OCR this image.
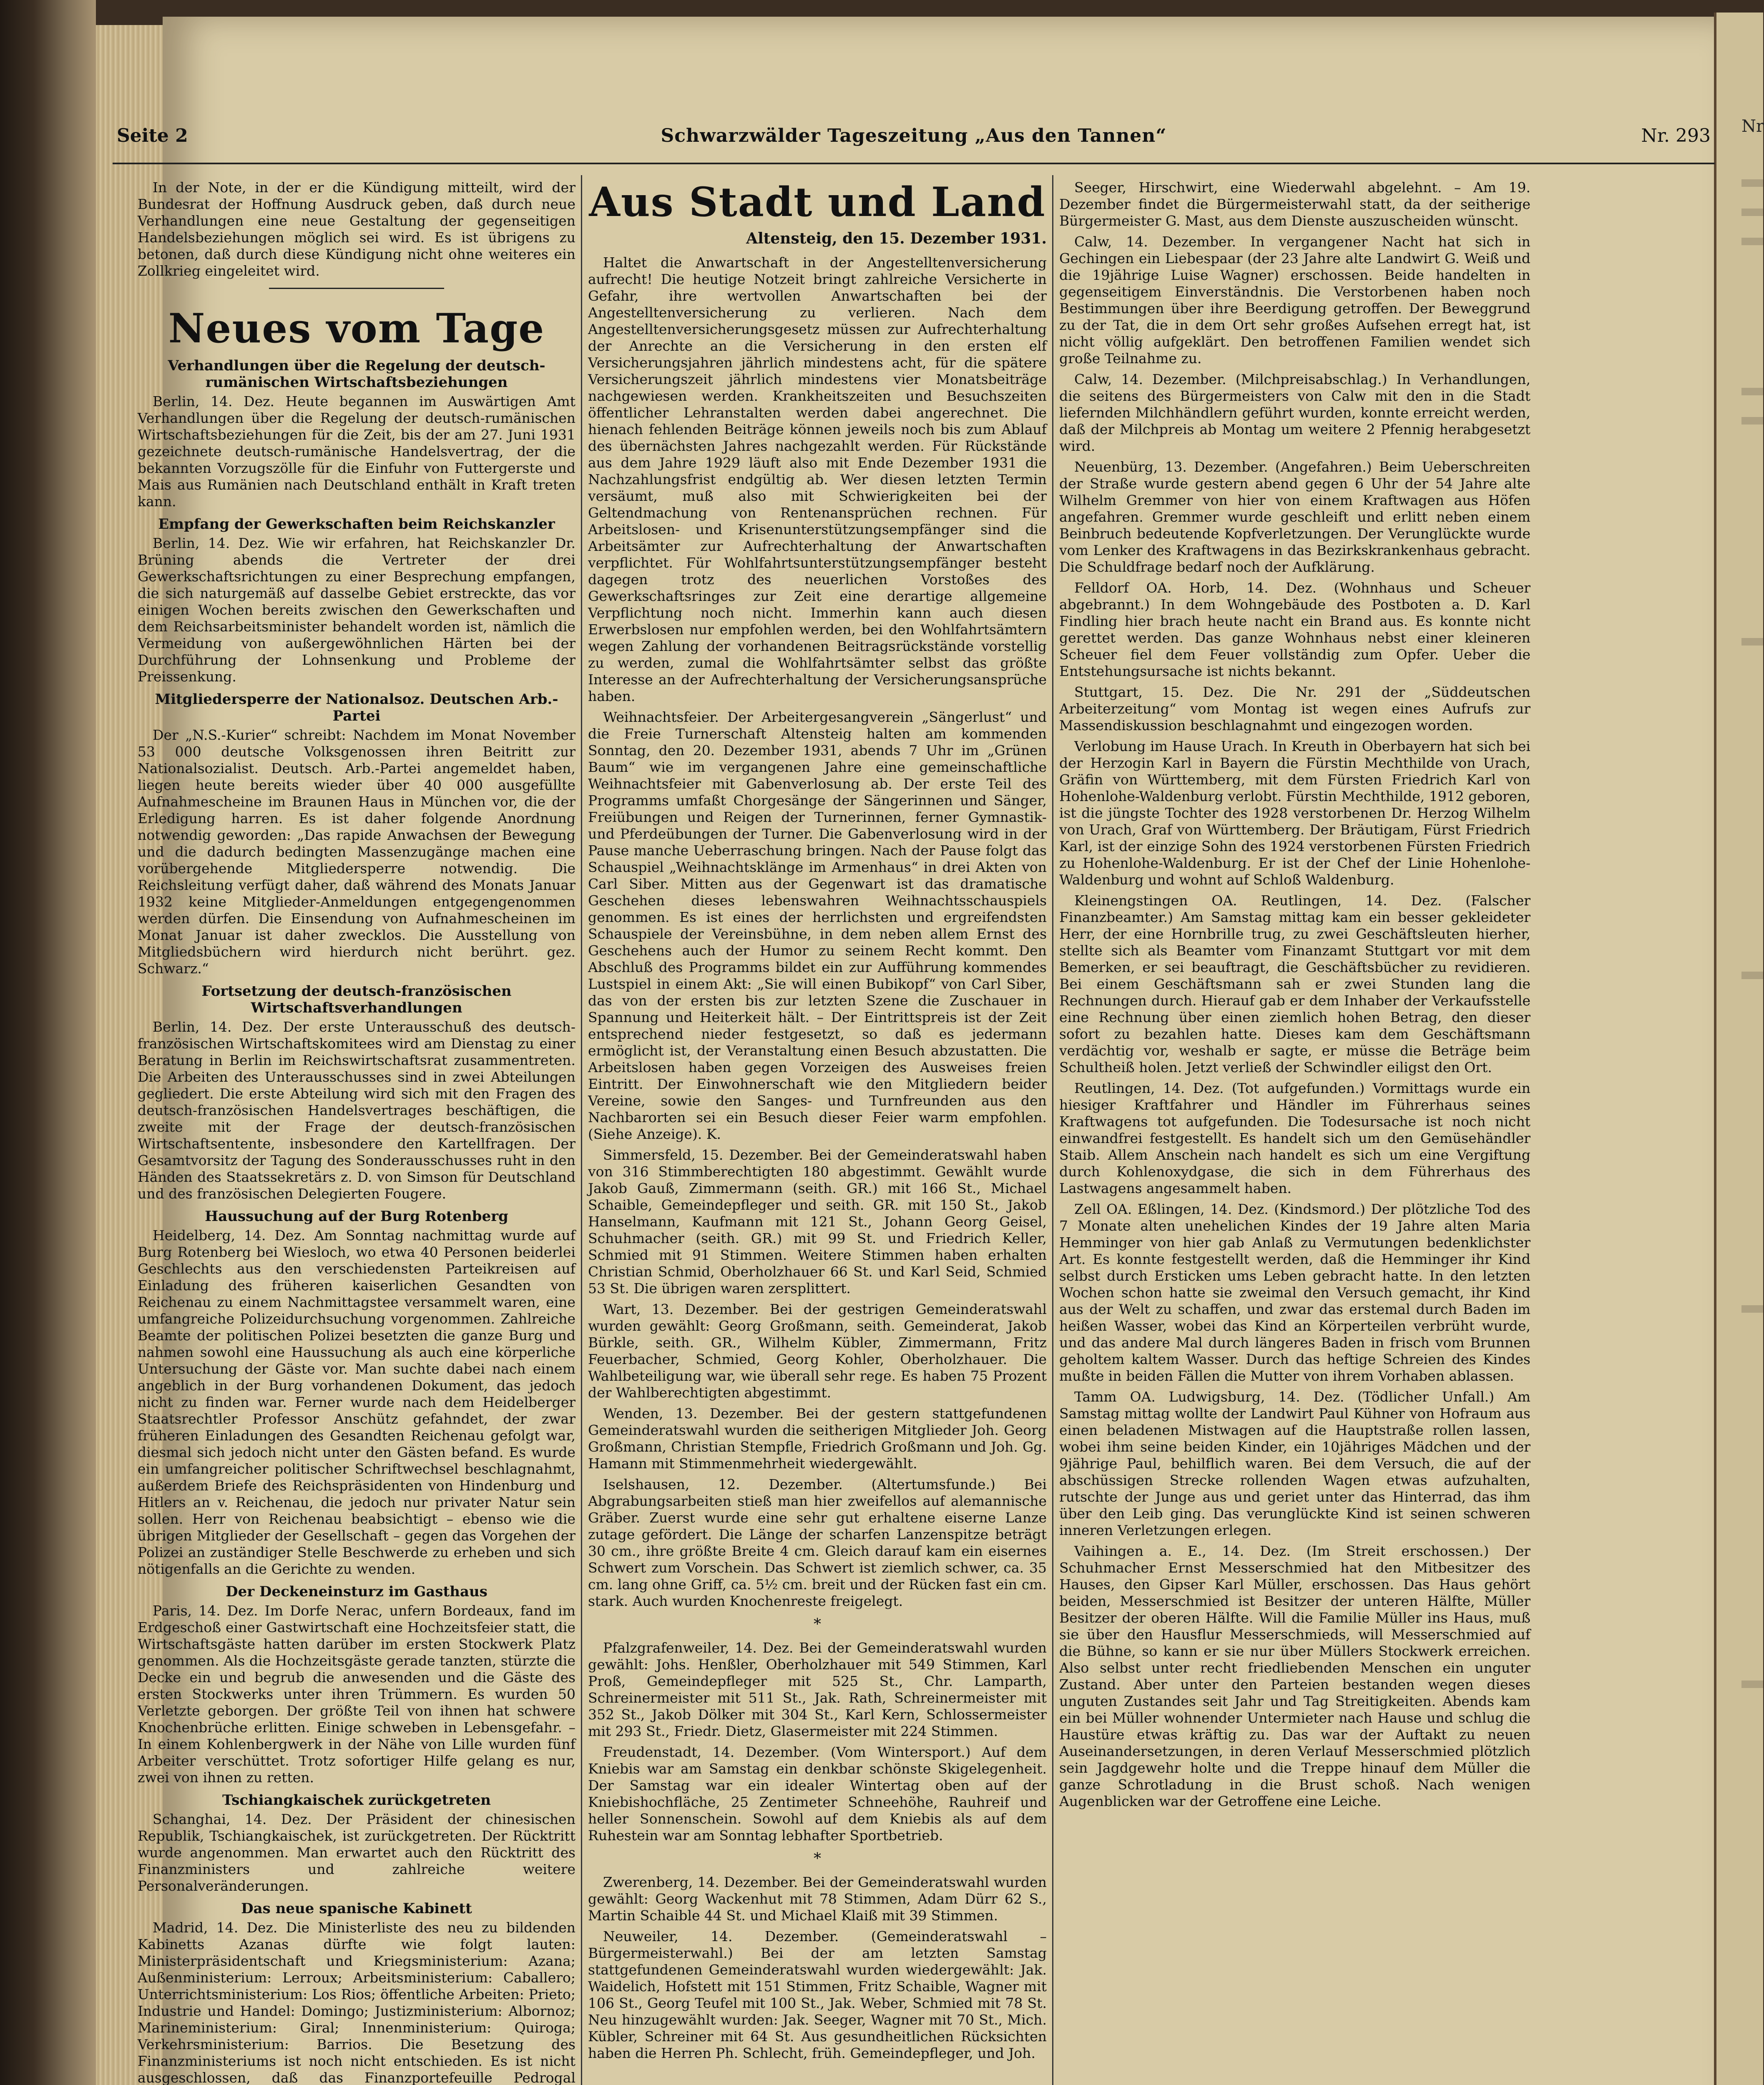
Nr
Seite 2	Schwarzwälder Tageszeitung „Aus den Tannen“	Nr. 293

In der Note, in der er die Kündigung mitteilt, wird der Bundesrat der Hoffnung Ausdruck geben, daß durch neue Verhandlungen eine neue Gestaltung der gegenseitigen Handelsbeziehungen möglich sei wird. Es ist übrigens zu betonen, daß durch diese Kündigung nicht ohne weiteres ein Zollkrieg eingeleitet wird.

Neues vom Tage
Verhandlungen über die Regelung der deutsch-rumänischen Wirtschaftsbeziehungen

Berlin, 14. Dez. Heute begannen im Auswärtigen Amt Verhandlungen über die Regelung der deutsch-rumänischen Wirtschaftsbeziehungen für die Zeit, bis der am 27. Juni 1931 gezeichnete deutsch-rumänische Handelsvertrag, der die bekannten Vorzugszölle für die Einfuhr von Futtergerste und Mais aus Rumänien nach Deutschland enthält in Kraft treten kann.

Empfang der Gewerkschaften beim Reichskanzler

Berlin, 14. Dez. Wie wir erfahren, hat Reichskanzler Dr. Brüning abends die Vertreter der drei Gewerkschaftsrichtungen zu einer Besprechung empfangen, die sich naturgemäß auf dasselbe Gebiet erstreckte, das vor einigen Wochen bereits zwischen den Gewerkschaften und dem Reichsarbeitsminister behandelt worden ist, nämlich die Vermeidung von außergewöhnlichen Härten bei der Durchführung der Lohnsenkung und Probleme der Preissenkung.

Mitgliedersperre der Nationalsoz. Deutschen Arb.-Partei

Der „N.S.-Kurier“ schreibt: Nachdem im Monat November 53 000 deutsche Volksgenossen ihren Beitritt zur Nationalsozialist. Deutsch. Arb.-Partei angemeldet haben, liegen heute bereits wieder über 40 000 ausgefüllte Aufnahmescheine im Braunen Haus in München vor, die der Erledigung harren. Es ist daher folgende Anordnung notwendig geworden: „Das rapide Anwachsen der Bewegung und die dadurch bedingten Massenzugänge machen eine vorübergehende Mitgliedersperre notwendig. Die Reichsleitung verfügt daher, daß während des Monats Januar 1932 keine Mitglieder-Anmeldungen entgegengenommen werden dürfen. Die Einsendung von Aufnahmescheinen im Monat Januar ist daher zwecklos. Die Ausstellung von Mitgliedsbüchern wird hierdurch nicht berührt. gez. Schwarz.“

Fortsetzung der deutsch-französischen Wirtschaftsverhandlungen

Berlin, 14. Dez. Der erste Unterausschuß des deutsch-französischen Wirtschaftskomitees wird am Dienstag zu einer Beratung in Berlin im Reichswirtschaftsrat zusammentreten. Die Arbeiten des Unterausschusses sind in zwei Abteilungen gegliedert. Die erste Abteilung wird sich mit den Fragen des deutsch-französischen Handelsvertrages beschäftigen, die zweite mit der Frage der deutsch-französischen Wirtschaftsentente, insbesondere den Kartellfragen. Der Gesamtvorsitz der Tagung des Sonderausschusses ruht in den Händen des Staatssekretärs z. D. von Simson für Deutschland und des französischen Delegierten Fougere.

Haussuchung auf der Burg Rotenberg

Heidelberg, 14. Dez. Am Sonntag nachmittag wurde auf Burg Rotenberg bei Wiesloch, wo etwa 40 Personen beiderlei Geschlechts aus den verschiedensten Parteikreisen auf Einladung des früheren kaiserlichen Gesandten von Reichenau zu einem Nachmittagstee versammelt waren, eine umfangreiche Polizeidurchsuchung vorgenommen. Zahlreiche Beamte der politischen Polizei besetzten die ganze Burg und nahmen sowohl eine Haussuchung als auch eine körperliche Untersuchung der Gäste vor. Man suchte dabei nach einem angeblich in der Burg vorhandenen Dokument, das jedoch nicht zu finden war. Ferner wurde nach dem Heidelberger Staatsrechtler Professor Anschütz gefahndet, der zwar früheren Einladungen des Gesandten Reichenau gefolgt war, diesmal sich jedoch nicht unter den Gästen befand. Es wurde ein umfangreicher politischer Schriftwechsel beschlagnahmt, außerdem Briefe des Reichspräsidenten von Hindenburg und Hitlers an v. Reichenau, die jedoch nur privater Natur sein sollen. Herr von Reichenau beabsichtigt – ebenso wie die übrigen Mitglieder der Gesellschaft – gegen das Vorgehen der Polizei an zuständiger Stelle Beschwerde zu erheben und sich nötigenfalls an die Gerichte zu wenden.

Der Deckeneinsturz im Gasthaus

Paris, 14. Dez. Im Dorfe Nerac, unfern Bordeaux, fand im Erdgeschoß einer Gastwirtschaft eine Hochzeitsfeier statt, die Wirtschaftsgäste hatten darüber im ersten Stockwerk Platz genommen. Als die Hochzeitsgäste gerade tanzten, stürzte die Decke ein und begrub die anwesenden und die Gäste des ersten Stockwerks unter ihren Trümmern. Es wurden 50 Verletzte geborgen. Der größte Teil von ihnen hat schwere Knochenbrüche erlitten. Einige schweben in Lebensgefahr. – In einem Kohlenbergwerk in der Nähe von Lille wurden fünf Arbeiter verschüttet. Trotz sofortiger Hilfe gelang es nur, zwei von ihnen zu retten.

Tschiangkaischek zurückgetreten

Schanghai, 14. Dez. Der Präsident der chinesischen Republik, Tschiangkaischek, ist zurückgetreten. Der Rücktritt wurde angenommen. Man erwartet auch den Rücktritt des Finanzministers und zahlreiche weitere Personalveränderungen.

Das neue spanische Kabinett

Madrid, 14. Dez. Die Ministerliste des neu zu bildenden Kabinetts Azanas dürfte wie folgt lauten: Ministerpräsidentschaft und Kriegsministerium: Azana; Außenministerium: Lerroux; Arbeitsministerium: Caballero; Unterrichtsministerium: Los Rios; öffentliche Arbeiten: Prieto; Industrie und Handel: Domingo; Justizministerium: Albornoz; Marineministerium: Giral; Innenministerium: Quiroga; Verkehrsministerium: Barrios. Die Besetzung des Finanzministeriums ist noch nicht entschieden. Es ist nicht ausgeschlossen, daß das Finanzportefeuille Pedrogal

Aus Stadt und Land
Altensteig, den 15. Dezember 1931.

Haltet die Anwartschaft in der Angestelltenversicherung aufrecht! Die heutige Notzeit bringt zahlreiche Versicherte in Gefahr, ihre wertvollen Anwartschaften bei der Angestelltenversicherung zu verlieren. Nach dem Angestelltenversicherungsgesetz müssen zur Aufrechterhaltung der Anrechte an die Versicherung in den ersten elf Versicherungsjahren jährlich mindestens acht, für die spätere Versicherungszeit jährlich mindestens vier Monatsbeiträge nachgewiesen werden. Krankheitszeiten und Besuchszeiten öffentlicher Lehranstalten werden dabei angerechnet. Die hienach fehlenden Beiträge können jeweils noch bis zum Ablauf des übernächsten Jahres nachgezahlt werden. Für Rückstände aus dem Jahre 1929 läuft also mit Ende Dezember 1931 die Nachzahlungsfrist endgültig ab. Wer diesen letzten Termin versäumt, muß also mit Schwierigkeiten bei der Geltendmachung von Rentenansprüchen rechnen. Für Arbeitslosen- und Krisenunterstützungsempfänger sind die Arbeitsämter zur Aufrechterhaltung der Anwartschaften verpflichtet. Für Wohlfahrtsunterstützungsempfänger besteht dagegen trotz des neuerlichen Vorstoßes des Gewerkschaftsringes zur Zeit eine derartige allgemeine Verpflichtung noch nicht. Immerhin kann auch diesen Erwerbslosen nur empfohlen werden, bei den Wohlfahrtsämtern wegen Zahlung der vorhandenen Beitragsrückstände vorstellig zu werden, zumal die Wohlfahrtsämter selbst das größte Interesse an der Aufrechterhaltung der Versicherungsansprüche haben.

Weihnachtsfeier. Der Arbeitergesangverein „Sängerlust“ und die Freie Turnerschaft Altensteig halten am kommenden Sonntag, den 20. Dezember 1931, abends 7 Uhr im „Grünen Baum“ wie im vergangenen Jahre eine gemeinschaftliche Weihnachtsfeier mit Gabenverlosung ab. Der erste Teil des Programms umfaßt Chorgesänge der Sängerinnen und Sänger, Freiübungen und Reigen der Turnerinnen, ferner Gymnastik- und Pferdeübungen der Turner. Die Gabenverlosung wird in der Pause manche Ueberraschung bringen. Nach der Pause folgt das Schauspiel „Weihnachtsklänge im Armenhaus“ in drei Akten von Carl Siber. Mitten aus der Gegenwart ist das dramatische Geschehen dieses lebenswahren Weihnachtsschauspiels genommen. Es ist eines der herrlichsten und ergreifendsten Schauspiele der Vereinsbühne, in dem neben allem Ernst des Geschehens auch der Humor zu seinem Recht kommt. Den Abschluß des Programms bildet ein zur Aufführung kommendes Lustspiel in einem Akt: „Sie will einen Bubikopf“ von Carl Siber, das von der ersten bis zur letzten Szene die Zuschauer in Spannung und Heiterkeit hält. – Der Eintrittspreis ist der Zeit entsprechend nieder festgesetzt, so daß es jedermann ermöglicht ist, der Veranstaltung einen Besuch abzustatten. Die Arbeitslosen haben gegen Vorzeigen des Ausweises freien Eintritt. Der Einwohnerschaft wie den Mitgliedern beider Vereine, sowie den Sanges- und Turnfreunden aus den Nachbarorten sei ein Besuch dieser Feier warm empfohlen. (Siehe Anzeige). K.

Simmersfeld, 15. Dezember. Bei der Gemeinderatswahl haben von 316 Stimmberechtigten 180 abgestimmt. Gewählt wurde Jakob Gauß, Zimmermann (seith. GR.) mit 166 St., Michael Schaible, Gemeindepfleger und seith. GR. mit 150 St., Jakob Hanselmann, Kaufmann mit 121 St., Johann Georg Geisel, Schuhmacher (seith. GR.) mit 99 St. und Friedrich Keller, Schmied mit 91 Stimmen. Weitere Stimmen haben erhalten Christian Schmid, Oberholzhauer 66 St. und Karl Seid, Schmied 53 St. Die übrigen waren zersplittert.

Wart, 13. Dezember. Bei der gestrigen Gemeinderatswahl wurden gewählt: Georg Großmann, seith. Gemeinderat, Jakob Bürkle, seith. GR., Wilhelm Kübler, Zimmermann, Fritz Feuerbacher, Schmied, Georg Kohler, Oberholzhauer. Die Wahlbeteiligung war, wie überall sehr rege. Es haben 75 Prozent der Wahlberechtigten abgestimmt.

Wenden, 13. Dezember. Bei der gestern stattgefundenen Gemeinderatswahl wurden die seitherigen Mitglieder Joh. Georg Großmann, Christian Stempfle, Friedrich Großmann und Joh. Gg. Hamann mit Stimmenmehrheit wiedergewählt.

Iselshausen, 12. Dezember. (Altertumsfunde.) Bei Abgrabungsarbeiten stieß man hier zweifellos auf alemannische Gräber. Zuerst wurde eine sehr gut erhaltene eiserne Lanze zutage gefördert. Die Länge der scharfen Lanzenspitze beträgt 30 cm., ihre größte Breite 4 cm. Gleich darauf kam ein eisernes Schwert zum Vorschein. Das Schwert ist ziemlich schwer, ca. 35 cm. lang ohne Griff, ca. 5½ cm. breit und der Rücken fast ein cm. stark. Auch wurden Knochenreste freigelegt.

*

Pfalzgrafenweiler, 14. Dez. Bei der Gemeinderatswahl wurden gewählt: Johs. Henßler, Oberholzhauer mit 549 Stimmen, Karl Proß, Gemeindepfleger mit 525 St., Chr. Lamparth, Schreinermeister mit 511 St., Jak. Rath, Schreinermeister mit 352 St., Jakob Dölker mit 304 St., Karl Kern, Schlossermeister mit 293 St., Friedr. Dietz, Glasermeister mit 224 Stimmen.

Freudenstadt, 14. Dezember. (Vom Wintersport.) Auf dem Kniebis war am Samstag ein denkbar schönste Skigelegenheit. Der Samstag war ein idealer Wintertag oben auf der Kniebishochfläche, 25 Zentimeter Schneehöhe, Rauhreif und heller Sonnenschein. Sowohl auf dem Kniebis als auf dem Ruhestein war am Sonntag lebhafter Sportbetrieb.

*

Zwerenberg, 14. Dezember. Bei der Gemeinderatswahl wurden gewählt: Georg Wackenhut mit 78 Stimmen, Adam Dürr 62 S., Martin Schaible 44 St. und Michael Klaiß mit 39 Stimmen.

Neuweiler, 14. Dezember. (Gemeinderatswahl – Bürgermeisterwahl.) Bei der am letzten Samstag stattgefundenen Gemeinderatswahl wurden wiedergewählt: Jak. Waidelich, Hofstett mit 151 Stimmen, Fritz Schaible, Wagner mit 106 St., Georg Teufel mit 100 St., Jak. Weber, Schmied mit 78 St. Neu hinzugewählt wurden: Jak. Seeger, Wagner mit 70 St., Mich. Kübler, Schreiner mit 64 St. Aus gesundheitlichen Rücksichten haben die Herren Ph. Schlecht, früh. Gemeindepfleger, und Joh.

Seeger, Hirschwirt, eine Wiederwahl abgelehnt. – Am 19. Dezember findet die Bürgermeisterwahl statt, da der seitherige Bürgermeister G. Mast, aus dem Dienste auszuscheiden wünscht.

Calw, 14. Dezember. In vergangener Nacht hat sich in Gechingen ein Liebespaar (der 23 Jahre alte Landwirt G. Weiß und die 19jährige Luise Wagner) erschossen. Beide handelten in gegenseitigem Einverständnis. Die Verstorbenen haben noch Bestimmungen über ihre Beerdigung getroffen. Der Beweggrund zu der Tat, die in dem Ort sehr großes Aufsehen erregt hat, ist nicht völlig aufgeklärt. Den betroffenen Familien wendet sich große Teilnahme zu.

Calw, 14. Dezember. (Milchpreisabschlag.) In Verhandlungen, die seitens des Bürgermeisters von Calw mit den in die Stadt liefernden Milchhändlern geführt wurden, konnte erreicht werden, daß der Milchpreis ab Montag um weitere 2 Pfennig herabgesetzt wird.

Neuenbürg, 13. Dezember. (Angefahren.) Beim Ueberschreiten der Straße wurde gestern abend gegen 6 Uhr der 54 Jahre alte Wilhelm Gremmer von hier von einem Kraftwagen aus Höfen angefahren. Gremmer wurde geschleift und erlitt neben einem Beinbruch bedeutende Kopfverletzungen. Der Verunglückte wurde vom Lenker des Kraftwagens in das Bezirkskrankenhaus gebracht. Die Schuldfrage bedarf noch der Aufklärung.

Felldorf OA. Horb, 14. Dez. (Wohnhaus und Scheuer abgebrannt.) In dem Wohngebäude des Postboten a. D. Karl Findling hier brach heute nacht ein Brand aus. Es konnte nicht gerettet werden. Das ganze Wohnhaus nebst einer kleineren Scheuer fiel dem Feuer vollständig zum Opfer. Ueber die Entstehungsursache ist nichts bekannt.

Stuttgart, 15. Dez. Die Nr. 291 der „Süddeutschen Arbeiterzeitung“ vom Montag ist wegen eines Aufrufs zur Massendiskussion beschlagnahmt und eingezogen worden.

Verlobung im Hause Urach. In Kreuth in Oberbayern hat sich bei der Herzogin Karl in Bayern die Fürstin Mechthilde von Urach, Gräfin von Württemberg, mit dem Fürsten Friedrich Karl von Hohenlohe-Waldenburg verlobt. Fürstin Mechthilde, 1912 geboren, ist die jüngste Tochter des 1928 verstorbenen Dr. Herzog Wilhelm von Urach, Graf von Württemberg. Der Bräutigam, Fürst Friedrich Karl, ist der einzige Sohn des 1924 verstorbenen Fürsten Friedrich zu Hohenlohe-Waldenburg. Er ist der Chef der Linie Hohenlohe-Waldenburg und wohnt auf Schloß Waldenburg.

Kleinengstingen OA. Reutlingen, 14. Dez. (Falscher Finanzbeamter.) Am Samstag mittag kam ein besser gekleideter Herr, der eine Hornbrille trug, zu zwei Geschäftsleuten hierher, stellte sich als Beamter vom Finanzamt Stuttgart vor mit dem Bemerken, er sei beauftragt, die Geschäftsbücher zu revidieren. Bei einem Geschäftsmann sah er zwei Stunden lang die Rechnungen durch. Hierauf gab er dem Inhaber der Verkaufsstelle eine Rechnung über einen ziemlich hohen Betrag, den dieser sofort zu bezahlen hatte. Dieses kam dem Geschäftsmann verdächtig vor, weshalb er sagte, er müsse die Beträge beim Schultheiß holen. Jetzt verließ der Schwindler eiligst den Ort.

Reutlingen, 14. Dez. (Tot aufgefunden.) Vormittags wurde ein hiesiger Kraftfahrer und Händler im Führerhaus seines Kraftwagens tot aufgefunden. Die Todesursache ist noch nicht einwandfrei festgestellt. Es handelt sich um den Gemüsehändler Staib. Allem Anschein nach handelt es sich um eine Vergiftung durch Kohlenoxydgase, die sich in dem Führerhaus des Lastwagens angesammelt haben.

Zell OA. Eßlingen, 14. Dez. (Kindsmord.) Der plötzliche Tod des 7 Monate alten unehelichen Kindes der 19 Jahre alten Maria Hemminger von hier gab Anlaß zu Vermutungen bedenklichster Art. Es konnte festgestellt werden, daß die Hemminger ihr Kind selbst durch Ersticken ums Leben gebracht hatte. In den letzten Wochen schon hatte sie zweimal den Versuch gemacht, ihr Kind aus der Welt zu schaffen, und zwar das erstemal durch Baden im heißen Wasser, wobei das Kind an Körperteilen verbrüht wurde, und das andere Mal durch längeres Baden in frisch vom Brunnen geholtem kaltem Wasser. Durch das heftige Schreien des Kindes mußte in beiden Fällen die Mutter von ihrem Vorhaben ablassen.

Tamm OA. Ludwigsburg, 14. Dez. (Tödlicher Unfall.) Am Samstag mittag wollte der Landwirt Paul Kühner von Hofraum aus einen beladenen Mistwagen auf die Hauptstraße rollen lassen, wobei ihm seine beiden Kinder, ein 10jähriges Mädchen und der 9jährige Paul, behilflich waren. Bei dem Versuch, die auf der abschüssigen Strecke rollenden Wagen etwas aufzuhalten, rutschte der Junge aus und geriet unter das Hinterrad, das ihm über den Leib ging. Das verunglückte Kind ist seinen schweren inneren Verletzungen erlegen.

Vaihingen a. E., 14. Dez. (Im Streit erschossen.) Der Schuhmacher Ernst Messerschmied hat den Mitbesitzer des Hauses, den Gipser Karl Müller, erschossen. Das Haus gehört beiden, Messerschmied ist Besitzer der unteren Hälfte, Müller Besitzer der oberen Hälfte. Will die Familie Müller ins Haus, muß sie über den Hausflur Messerschmieds, will Messerschmied auf die Bühne, so kann er sie nur über Müllers Stockwerk erreichen. Also selbst unter recht friedliebenden Menschen ein unguter Zustand. Aber unter den Parteien bestanden wegen dieses unguten Zustandes seit Jahr und Tag Streitigkeiten. Abends kam ein bei Müller wohnender Untermieter nach Hause und schlug die Haustüre etwas kräftig zu. Das war der Auftakt zu neuen Auseinandersetzungen, in deren Verlauf Messerschmied plötzlich sein Jagdgewehr holte und die Treppe hinauf dem Müller die ganze Schrotladung in die Brust schoß. Nach wenigen Augenblicken war der Getroffene eine Leiche.
